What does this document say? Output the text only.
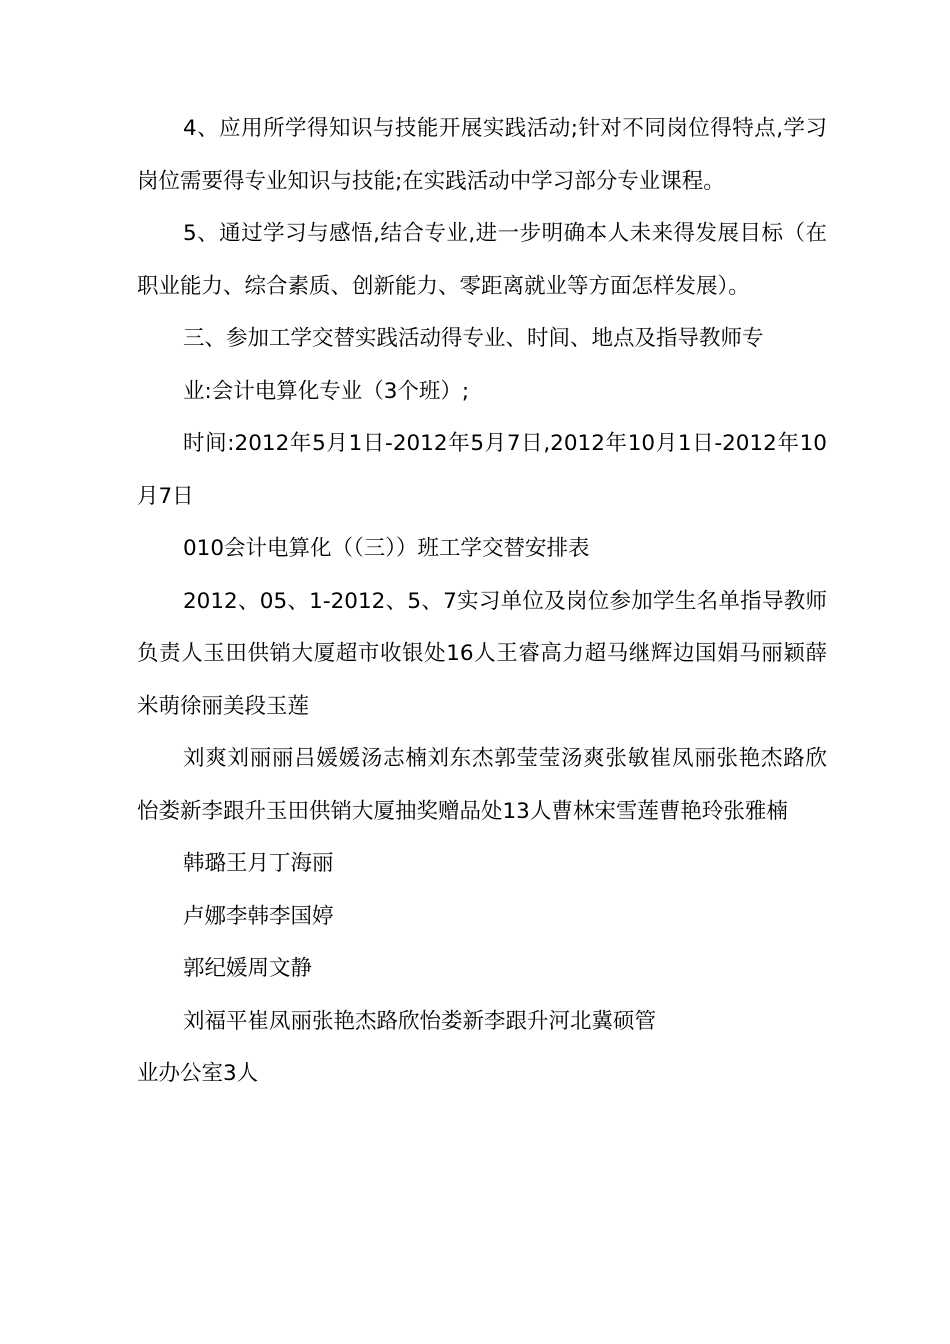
4、应用所学得知识与技能开展实践活动;针对不同岗位得特点,学习岗位需要得专业知识与技能;在实践活动中学习部分专业课程。

5、通过学习与感悟,结合专业,进一步明确本人未来得发展目标（在职业能力、综合素质、创新能力、零距离就业等方面怎样发展）。

三、参加工学交替实践活动得专业、时间、地点及指导教师专

业:会计电算化专业（3个班）;

时间:2012年5月1日-2012年5月7日,2012年10月1日-2012年10月7日

010会计电算化（（三））班工学交替安排表

2012、05、1-2012、5、7实习单位及岗位参加学生名单指导教师负责人玉田供销大厦超市收银处16人王睿高力超马继辉边国娟马丽颖薛米萌徐丽美段玉莲

刘爽刘丽丽吕媛媛汤志楠刘东杰郭莹莹汤爽张敏崔凤丽张艳杰路欣怡娄新李跟升玉田供销大厦抽奖赠品处13人曹林宋雪莲曹艳玲张雅楠

韩璐王月丁海丽

卢娜李韩李国婷

郭纪媛周文静

刘福平崔凤丽张艳杰路欣怡娄新李跟升河北冀硕管

业办公室3人
